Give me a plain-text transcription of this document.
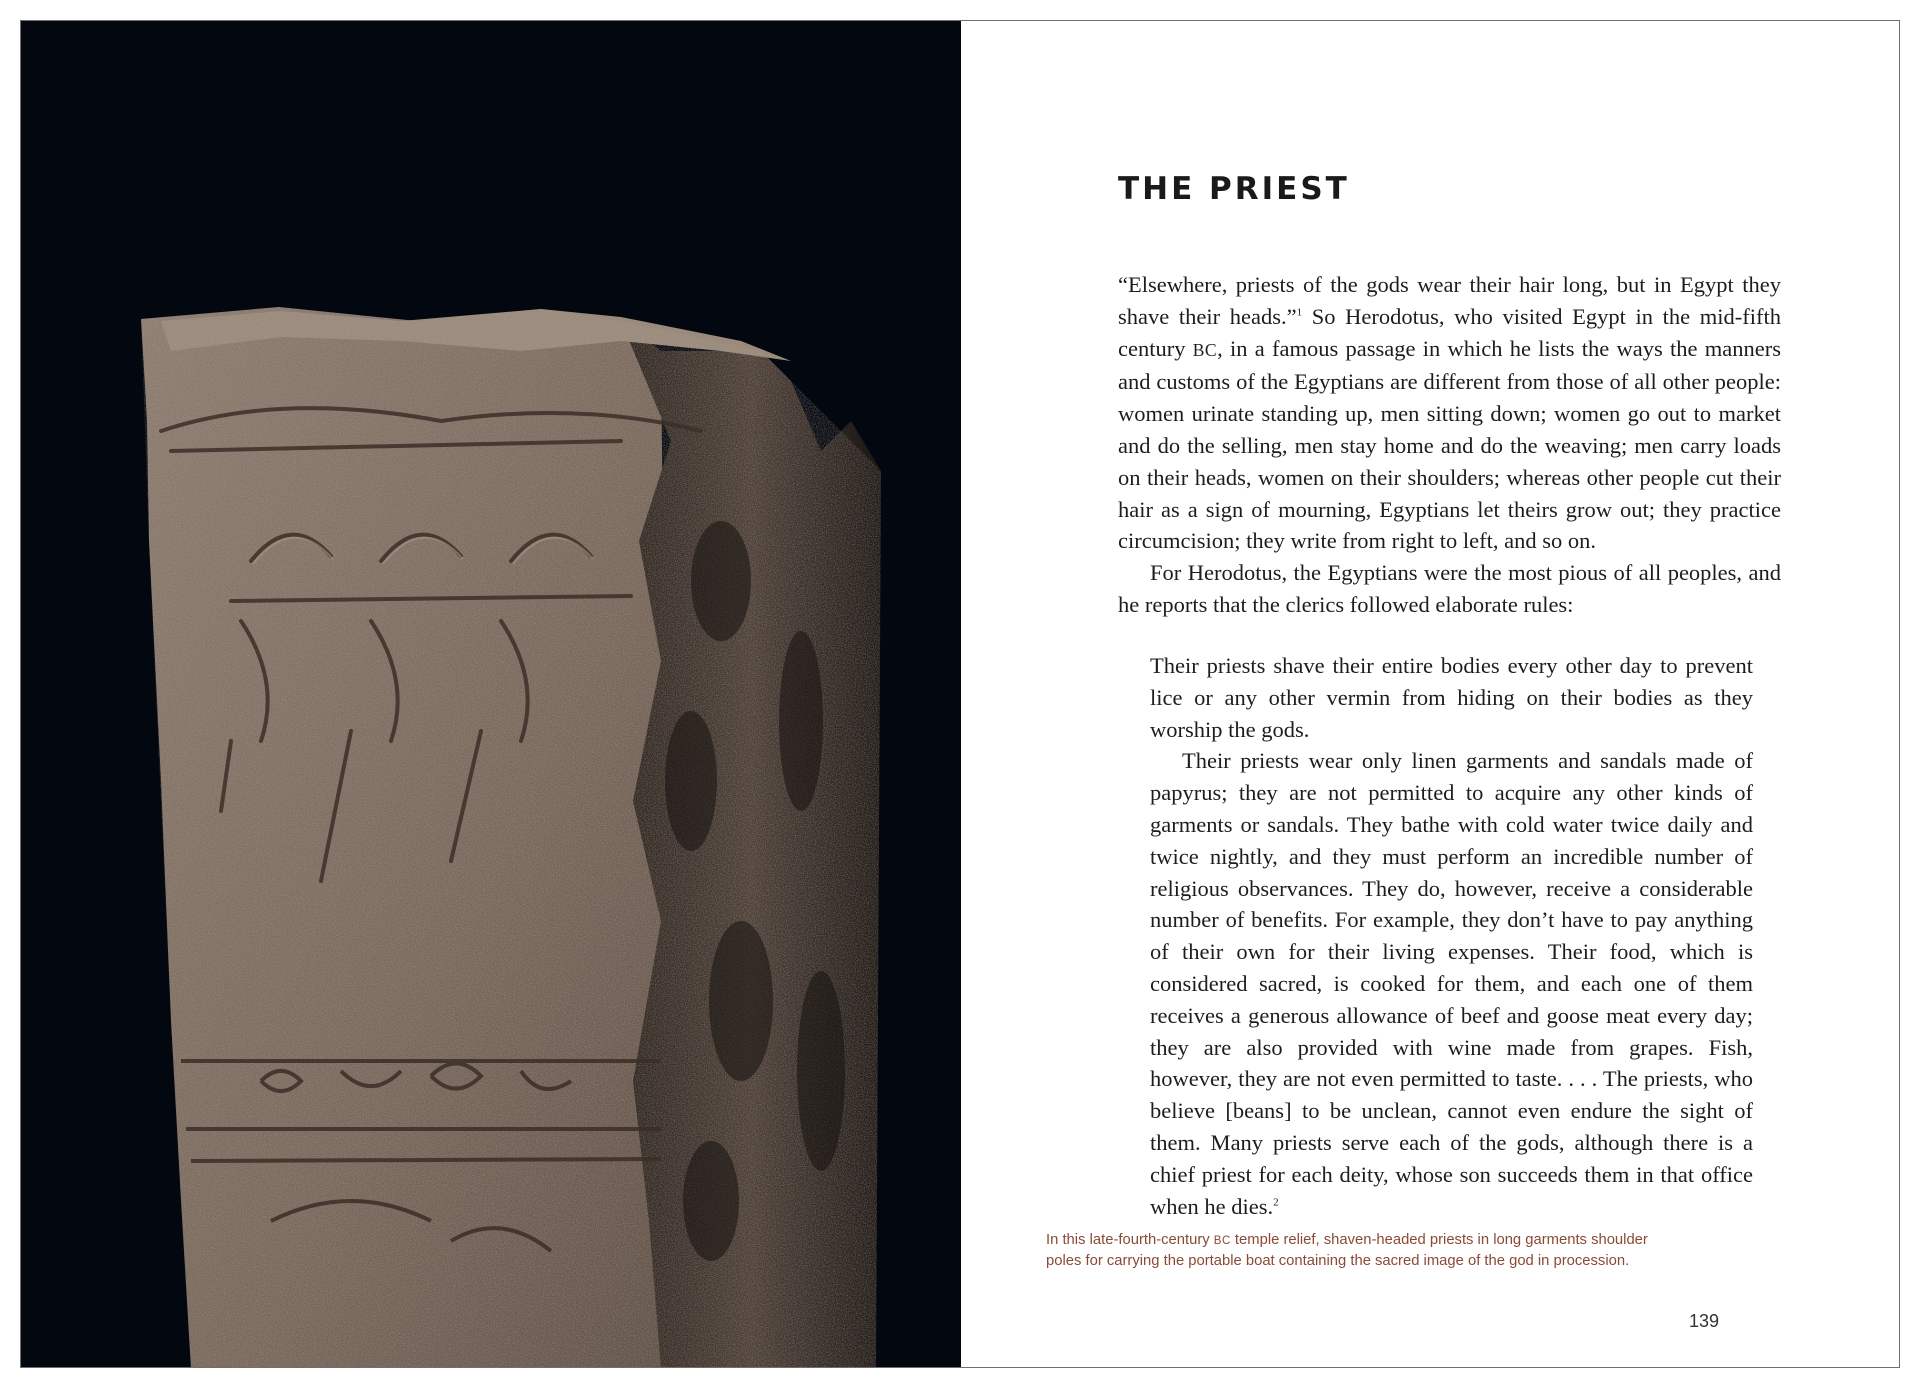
THE PRIEST

“Elsewhere, priests of the gods wear their hair long, but in Egypt they shave their heads.”$^1$ So Herodotus, who visited Egypt in the mid-fifth century BC, in a famous passage in which he lists the ways the manners and customs of the Egyptians are different from those of all other people: women urinate standing up, men sitting down; women go out to market and do the selling, men stay home and do the weaving; men carry loads on their heads, women on their shoulders; whereas other people cut their hair as a sign of mourning, Egyptians let theirs grow out; they practice circumcision; they write from right to left, and so on.

For Herodotus, the Egyptians were the most pious of all peoples, and he reports that the clerics followed elaborate rules:

Their priests shave their entire bodies every other day to prevent lice or any other vermin from hiding on their bodies as they worship the gods.

Their priests wear only linen garments and sandals made of papyrus; they are not permitted to acquire any other kinds of garments or sandals. They bathe with cold water twice daily and twice nightly, and they must perform an incredible number of religious observances. They do, however, receive a considerable number of benefits. For example, they don’t have to pay anything of their own for their living expenses. Their food, which is considered sacred, is cooked for them, and each one of them receives a generous allowance of beef and goose meat every day; they are also provided with wine made from grapes. Fish, however, they are not even permitted to taste. . . . The priests, who believe [beans] to be unclean, cannot even endure the sight of them. Many priests serve each of the gods, although there is a chief priest for each deity, whose son succeeds them in that office when he dies.$^2$

In this late-fourth-century BC temple relief, shaven-headed priests in long garments shoulder poles for carrying the portable boat containing the sacred image of the god in procession.
139
